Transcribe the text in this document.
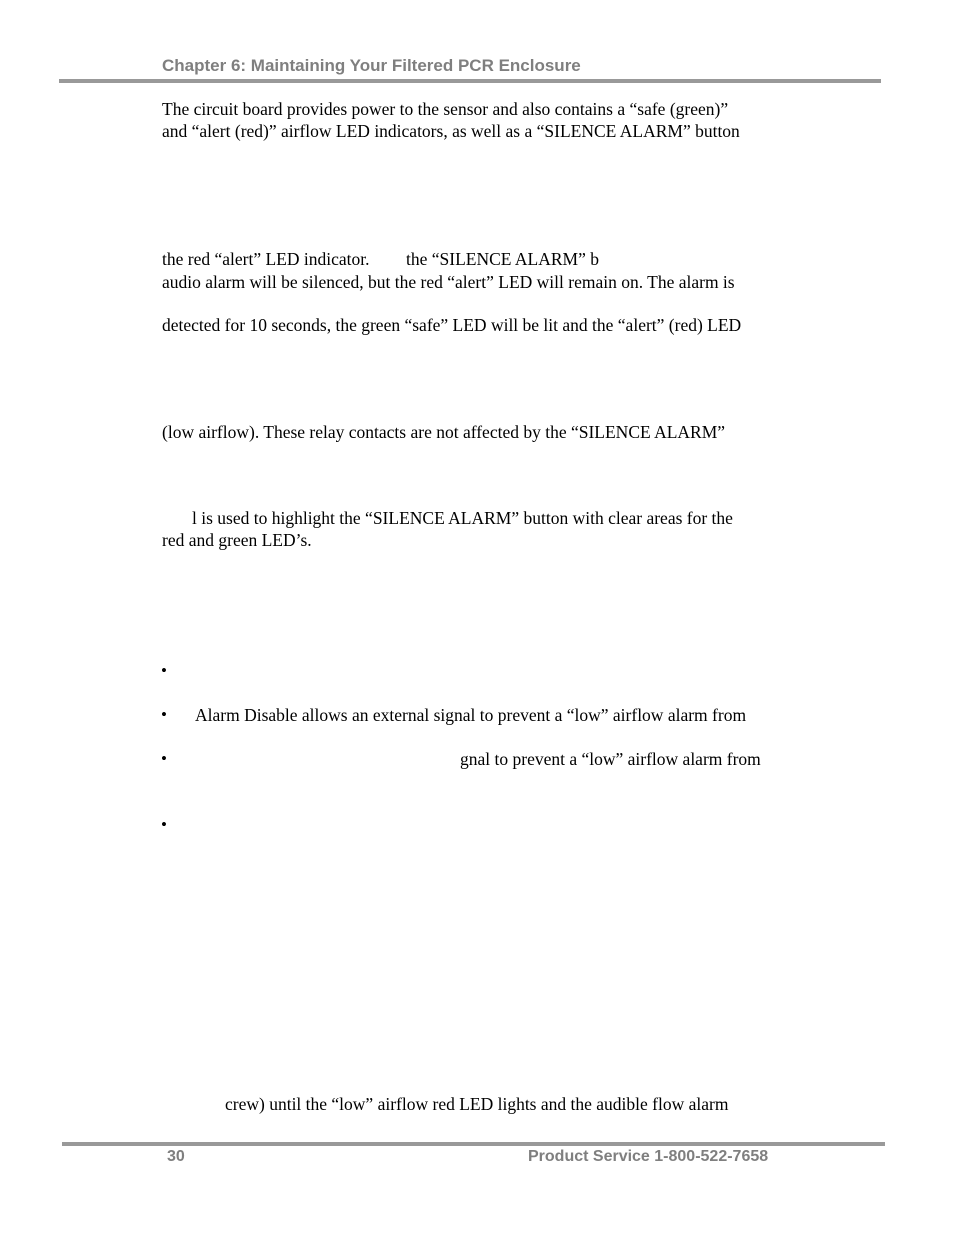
Chapter 6: Maintaining Your Filtered PCR Enclosure
The circuit board provides power to the sensor and also contains a “safe (green)”
and “alert (red)” airflow LED indicators, as well as a “SILENCE ALARM” button
the red “alert” LED indicator. the “SILENCE ALARM” b
audio alarm will be silenced, but the red “alert” LED will remain on. The alarm is
detected for 10 seconds, the green “safe” LED will be lit and the “alert” (red) LED
(low airflow). These relay contacts are not affected by the “SILENCE ALARM”
l is used to highlight the “SILENCE ALARM” button with clear areas for the
red and green LED’s.
•
• Alarm Disable allows an external signal to prevent a “low” airflow alarm from
•	gnal to prevent a “low” airflow alarm from
•
crew) until the “low” airflow red LED lights and the audible flow alarm
30	Product Service 1-800-522-7658
